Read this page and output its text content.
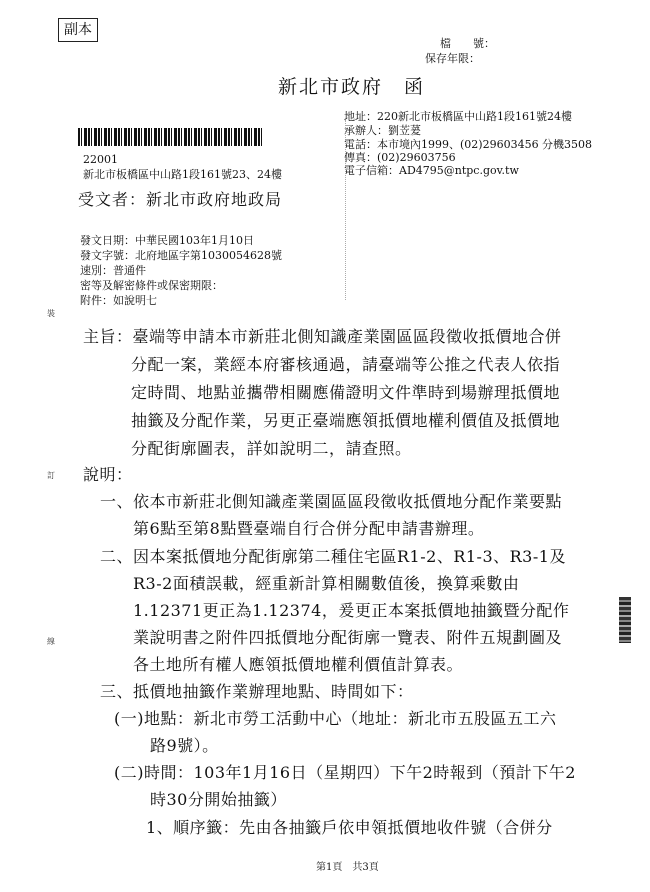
裝
訂
線
副本
檔　　號：
保存年限：
新北市政府　函
地址：220新北市板橋區中山路1段161號24樓
承辦人：劉苙萲
電話：本市境內1999、(02)29603456 分機3508
傳真：(02)29603756
電子信箱：AD4795@ntpc.gov.tw
22001
新北市板橋區中山路1段161號23、24樓
受文者：新北市政府地政局
發文日期：中華民國103年1月10日
發文字號：北府地區字第1030054628號
速別：普通件
密等及解密條件或保密期限：
附件：如說明七
主旨：臺端等申請本市新莊北側知識產業園區區段徵收抵價地合併
分配一案，業經本府審核通過，請臺端等公推之代表人依指
定時間、地點並攜帶相關應備證明文件準時到場辦理抵價地
抽籤及分配作業，另更正臺端應領抵價地權利價值及抵價地
分配街廓圖表，詳如說明二，請查照。
說明：
一、依本市新莊北側知識產業園區區段徵收抵價地分配作業要點
第6點至第8點暨臺端自行合併分配申請書辦理。
二、因本案抵價地分配街廓第二種住宅區R1-2、R1-3、R3-1及
R3-2面積誤載，經重新計算相關數值後，換算乘數由
1.12371更正為1.12374，爰更正本案抵價地抽籤暨分配作
業說明書之附件四抵價地分配街廓一覽表、附件五規劃圖及
各土地所有權人應領抵價地權利價值計算表。
三、抵價地抽籤作業辦理地點、時間如下：
(一)地點：新北市勞工活動中心（地址：新北市五股區五工六
路9號）。
(二)時間：103年1月16日（星期四）下午2時報到（預計下午2
時30分開始抽籤）
1、順序籤：先由各抽籤戶依申領抵價地收件號（合併分
第1頁　共3頁
